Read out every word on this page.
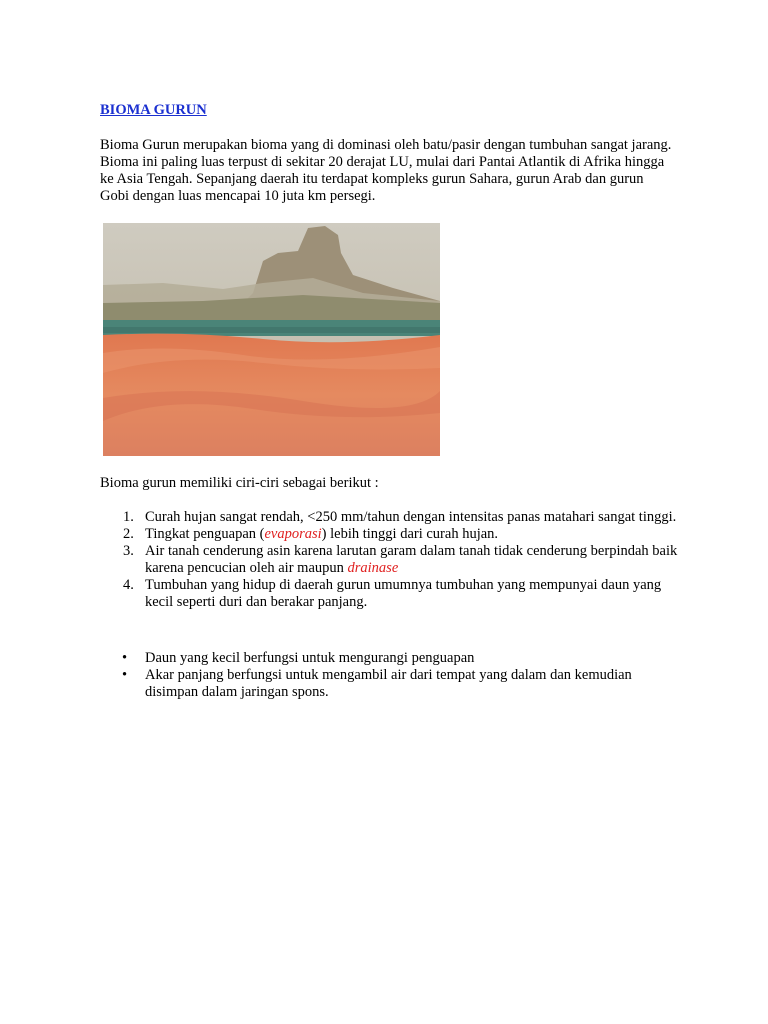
BIOMA GURUN

Bioma Gurun merupakan bioma yang di dominasi oleh batu/pasir dengan tumbuhan sangat jarang. Bioma ini paling luas terpust di sekitar 20 derajat LU, mulai dari Pantai Atlantik di Afrika hingga ke Asia Tengah. Sepanjang daerah itu terdapat kompleks gurun Sahara, gurun Arab dan gurun Gobi dengan luas mencapai 10 juta km persegi.

Bioma gurun memiliki ciri-ciri sebagai berikut :

1. Curah hujan sangat rendah, <250 mm/tahun dengan intensitas panas matahari sangat tinggi.
2. Tingkat penguapan (evaporasi) lebih tinggi dari curah hujan.
3. Air tanah cenderung asin karena larutan garam dalam tanah tidak cenderung berpindah baik karena pencucian oleh air maupun drainase
4. Tumbuhan yang hidup di daerah gurun umumnya tumbuhan yang mempunyai daun yang kecil seperti duri dan berakar panjang.
• Daun yang kecil berfungsi untuk mengurangi penguapan
• Akar panjang berfungsi untuk mengambil air dari tempat yang dalam dan kemudian disimpan dalam jaringan spons.
